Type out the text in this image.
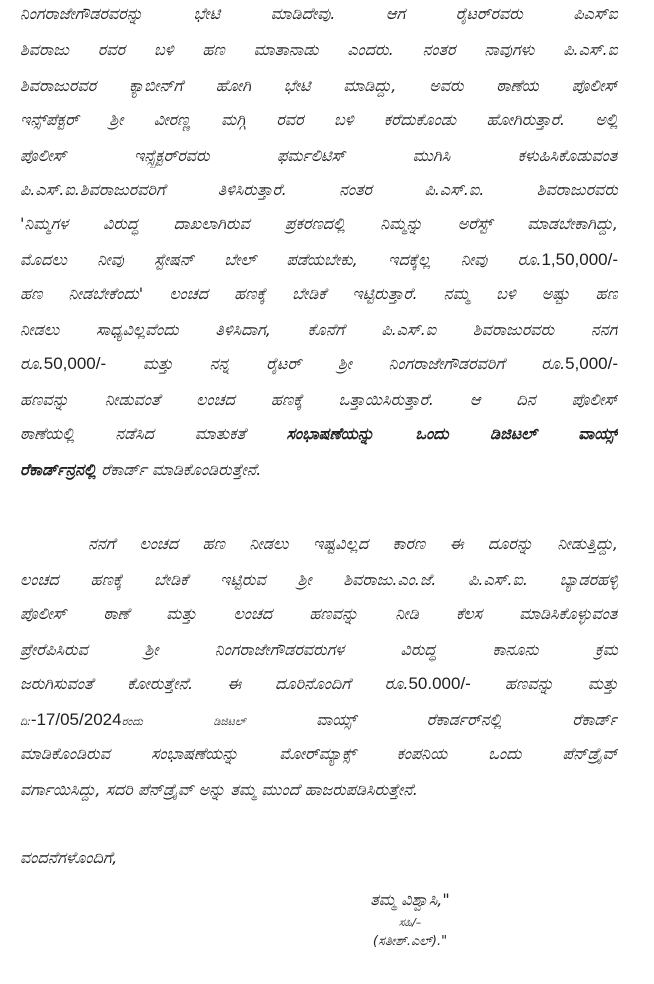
ನಿಂಗರಾಜೇಗೌಡರವರನ್ನು ಭೇಟಿ ಮಾಡಿದೇವು. ಆಗ ರೈಟರ್‌ರವರು ಪಿಎಸ್‌ಐ
ಶಿವರಾಜು ರವರ ಬಳಿ ಹಣ ಮಾತಾನಾಡು ಎಂದರು. ನಂತರ ನಾವುಗಳು ಪಿ.ಎಸ್.ಐ
ಶಿವರಾಜುರವರ ಕ್ಯಾಬೀನ್‌ಗೆ ಹೋಗಿ ಭೇಟಿ ಮಾಡಿದ್ದು, ಅವರು ಠಾಣೆಯ ಪೊಲೀಸ್
ಇನ್ಸ್‌ಪೆಕ್ಟರ್ ಶ್ರೀ ವೀರಣ್ಣ ಮಗ್ಗಿ ರವರ ಬಳಿ ಕರೆದುಕೊಂಡು ಹೋಗಿರುತ್ತಾರೆ. ಅಲ್ಲಿ
ಪೊಲೀಸ್ ಇನ್ಸ್ಪೆಕ್ಟರ್‌ರವರು ಫರ್ಮಲಿಟಿಸ್ ಮುಗಿಸಿ ಕಳುಹಿಸಿಕೊಡುವಂತೆ
ಪಿ.ಎಸ್.ಐ.ಶಿವರಾಜುರವರಿಗೆ ತಿಳಿಸಿರುತ್ತಾರೆ. ನಂತರ ಪಿ.ಎಸ್.ಐ. ಶಿವರಾಜುರವರು
'ನಿಮ್ಮಗಳ ವಿರುದ್ಧ ದಾಖಲಾಗಿರುವ ಪ್ರಕರಣದಲ್ಲಿ ನಿಮ್ಮನ್ನು ಅರೆಸ್ಟ್ ಮಾಡಬೇಕಾಗಿದ್ದು,
ಮೊದಲು ನೀವು ಸ್ಟೇಷನ್ ಬೇಲ್ ಪಡೆಯಬೇಕು, ಇದಕ್ಕೆಲ್ಲ ನೀವು ರೂ.1,50,000/-
ಹಣ ನೀಡಬೇಕೆಂದು' ಲಂಚದ ಹಣಕ್ಕೆ ಬೇಡಿಕೆ ಇಟ್ಟಿರುತ್ತಾರೆ. ನಮ್ಮ ಬಳಿ ಅಷ್ಟು ಹಣ
ನೀಡಲು ಸಾಧ್ಯವಿಲ್ಲವೆಂದು ತಿಳಿಸಿದಾಗ, ಕೊನೆಗೆ ಪಿ.ಎಸ್.ಐ ಶಿವರಾಜುರವರು ನನಗೆ
ರೂ.50,000/- ಮತ್ತು ನನ್ನ ರೈಟರ್ ಶ್ರೀ ನಿಂಗರಾಜೇಗೌಡರವರಿಗೆ ರೂ.5,000/-
ಹಣವನ್ನು ನೀಡುವಂತೆ ಲಂಚದ ಹಣಕ್ಕೆ ಒತ್ತಾಯಿಸಿರುತ್ತಾರೆ. ಆ ದಿನ ಪೊಲೀಸ್
ಠಾಣೆಯಲ್ಲಿ ನಡೆಸಿದ ಮಾತುಕತೆ ಸಂಭಾಷಣೆಯನ್ನು ಒಂದು ಡಿಜಿಟಲ್ ವಾಯ್ಸ್
ರೆಕಾರ್ಡ್‌ನ್ರನಲ್ಲಿ ರೆಕಾರ್ಡ್ ಮಾಡಿಕೊಂಡಿರುತ್ತೇನೆ.
ನನಗೆ ಲಂಚದ ಹಣ ನೀಡಲು ಇಷ್ಟವಿಲ್ಲದ ಕಾರಣ ಈ ದೂರನ್ನು ನೀಡುತ್ತಿದ್ದು,
ಲಂಚದ ಹಣಕ್ಕೆ ಬೇಡಿಕೆ ಇಟ್ಟಿರುವ ಶ್ರೀ ಶಿವರಾಜು.ಎಂ.ಜೆ. ಪಿ.ಎಸ್.ಐ. ಬ್ಯಾಡರಹಳ್ಳಿ
ಪೊಲೀಸ್ ಠಾಣೆ ಮತ್ತು ಲಂಚದ ಹಣವನ್ನು ನೀಡಿ ಕೆಲಸ ಮಾಡಿಸಿಕೊಳ್ಳುವಂತೆ
ಪ್ರೇರೆಪಿಸಿರುವ ಶ್ರೀ ನಿಂಗರಾಜೇಗೌಡರವರುಗಳ ವಿರುದ್ಧ ಕಾನೂನು ಕ್ರಮ
ಜರುಗಿಸುವಂತೆ ಕೋರುತ್ತೇನೆ. ಈ ದೂರಿನೊಂದಿಗೆ ರೂ.50.000/- ಹಣವನ್ನು ಮತ್ತು
ದಿ:-17/05/2024ರಂದು	ಡಿಜಿಟಲ್ ವಾಯ್ಸ್ ರೆಕಾರ್ಡರ್‌ನಲ್ಲಿ ರೆಕಾರ್ಡ್
ಮಾಡಿಕೊಂಡಿರುವ ಸಂಭಾಷಣೆಯನ್ನು ಮೋರ್‌ಮ್ಯಾಕ್ಸ್ ಕಂಪನಿಯ ಒಂದು ಪೆನ್‌ಡ್ರೈವ್
ವರ್ಗಾಯಿಸಿದ್ದು, ಸದರಿ ಪೆನ್‌ಡ್ರೈವ್ ಅನ್ನು ತಮ್ಮ ಮುಂದೆ ಹಾಜರುಪಡಿಸಿರುತ್ತೇನೆ.
ವಂದನೆಗಳೊಂದಿಗೆ,
ತಮ್ಮ ವಿಶ್ವಾಸಿ,"
ಸಹಿ/–
(ಸತೀಶ್.ಎಲ್)."
